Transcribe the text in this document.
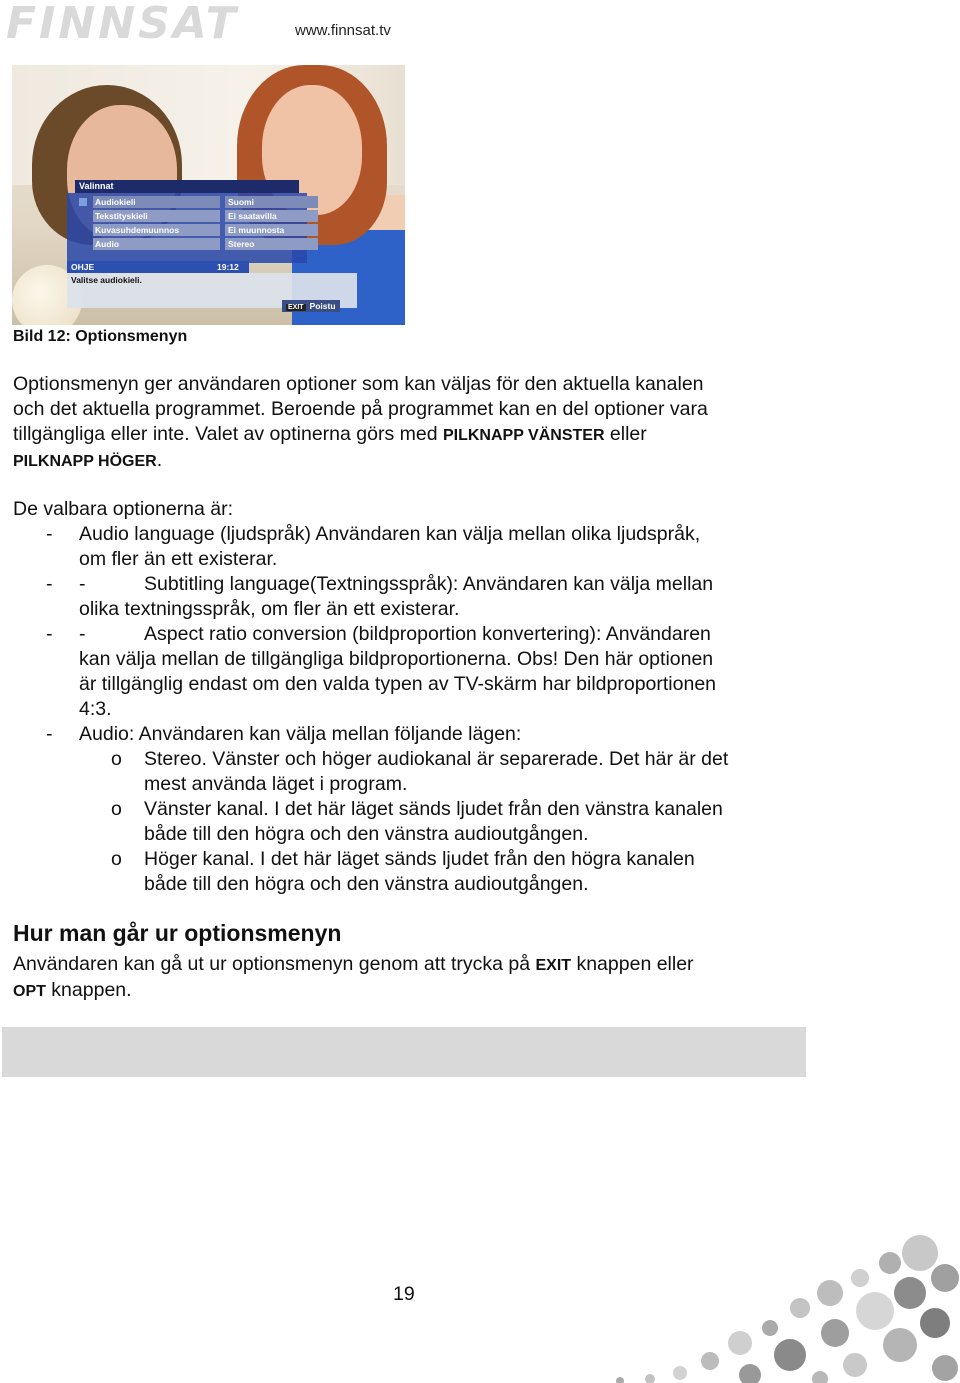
FINNSAT	www.finnsat.tv
Valinnat
Audiokieli	Suomi
Tekstityskieli	Ei saatavilla
Kuvasuhdemuunnos	Ei muunnosta
Audio	Stereo
OHJE	19:12
Valitse audiokieli.
EXIT Poistu
Bild 12: Optionsmenyn
Optionsmenyn ger användaren optioner som kan väljas för den aktuella kanalen
och det aktuella programmet. Beroende på programmet kan en del optioner vara
tillgängliga eller inte. Valet av optinerna görs med PILKNAPP VÄNSTER eller
PILKNAPP HÖGER.
De valbara optionerna är:
- Audio language (ljudspråk) Användaren kan välja mellan olika ljudspråk,
om fler än ett existerar.
- -	Subtitling language(Textningsspråk): Användaren kan välja mellan
olika textningsspråk, om fler än ett existerar.
- -	Aspect ratio conversion (bildproportion konvertering): Användaren
kan välja mellan de tillgängliga bildproportionerna. Obs! Den här optionen
är tillgänglig endast om den valda typen av TV-skärm har bildproportionen
4:3.
- Audio: Användaren kan välja mellan följande lägen:
o Stereo. Vänster och höger audiokanal är separerade. Det här är det
mest använda läget i program.
o Vänster kanal. I det här läget sänds ljudet från den vänstra kanalen
både till den högra och den vänstra audioutgången.
o Höger kanal. I det här läget sänds ljudet från den högra kanalen
både till den högra och den vänstra audioutgången.
Hur man går ur optionsmenyn
Användaren kan gå ut ur optionsmenyn genom att trycka på EXIT knappen eller
OPT knappen.
19
